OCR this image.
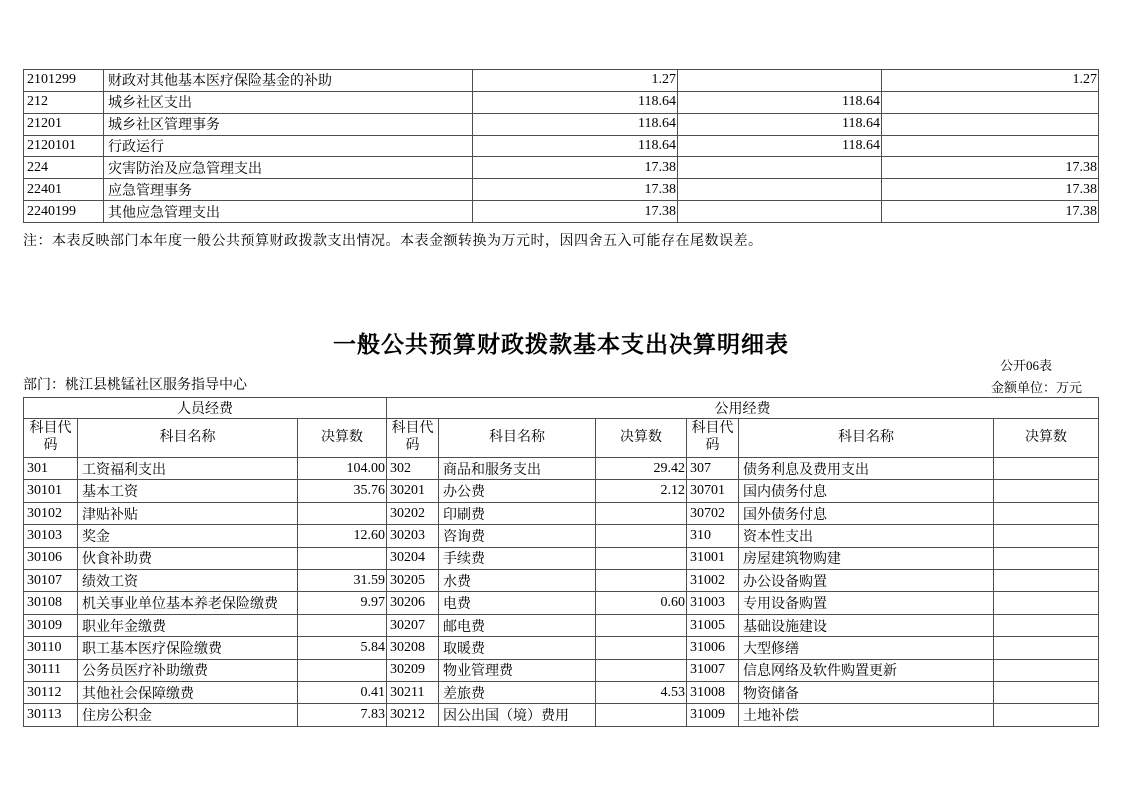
2101299	财政对其他基本医疗保险基金的补助	1.27		1.27
212	城乡社区支出	118.64	118.64	
21201	城乡社区管理事务	118.64	118.64	
2120101	行政运行	118.64	118.64	
224	灾害防治及应急管理支出	17.38		17.38
22401	应急管理事务	17.38		17.38
2240199	其他应急管理支出	17.38		17.38
注：本表反映部门本年度一般公共预算财政拨款支出情况。本表金额转换为万元时，因四舍五入可能存在尾数误差。
一般公共预算财政拨款基本支出决算明细表
公开06表
部门：桃江县桃锰社区服务指导中心	金额单位：万元
人员经费			公用经费					
科目代码	科目名称	决算数	科目代码	科目名称	决算数	科目代码	科目名称	决算数
301	工资福利支出	104.00	302	商品和服务支出	29.42	307	债务利息及费用支出	
30101	基本工资	35.76	30201	办公费	2.12	30701	国内债务付息	
30102	津贴补贴		30202	印刷费		30702	国外债务付息	
30103	奖金	12.60	30203	咨询费		310	资本性支出	
30106	伙食补助费		30204	手续费		31001	房屋建筑物购建	
30107	绩效工资	31.59	30205	水费		31002	办公设备购置	
30108	机关事业单位基本养老保险缴费	9.97	30206	电费	0.60	31003	专用设备购置	
30109	职业年金缴费		30207	邮电费		31005	基础设施建设	
30110	职工基本医疗保险缴费	5.84	30208	取暖费		31006	大型修缮	
30111	公务员医疗补助缴费		30209	物业管理费		31007	信息网络及软件购置更新	
30112	其他社会保障缴费	0.41	30211	差旅费	4.53	31008	物资储备	
30113	住房公积金	7.83	30212	因公出国（境）费用		31009	土地补偿	
